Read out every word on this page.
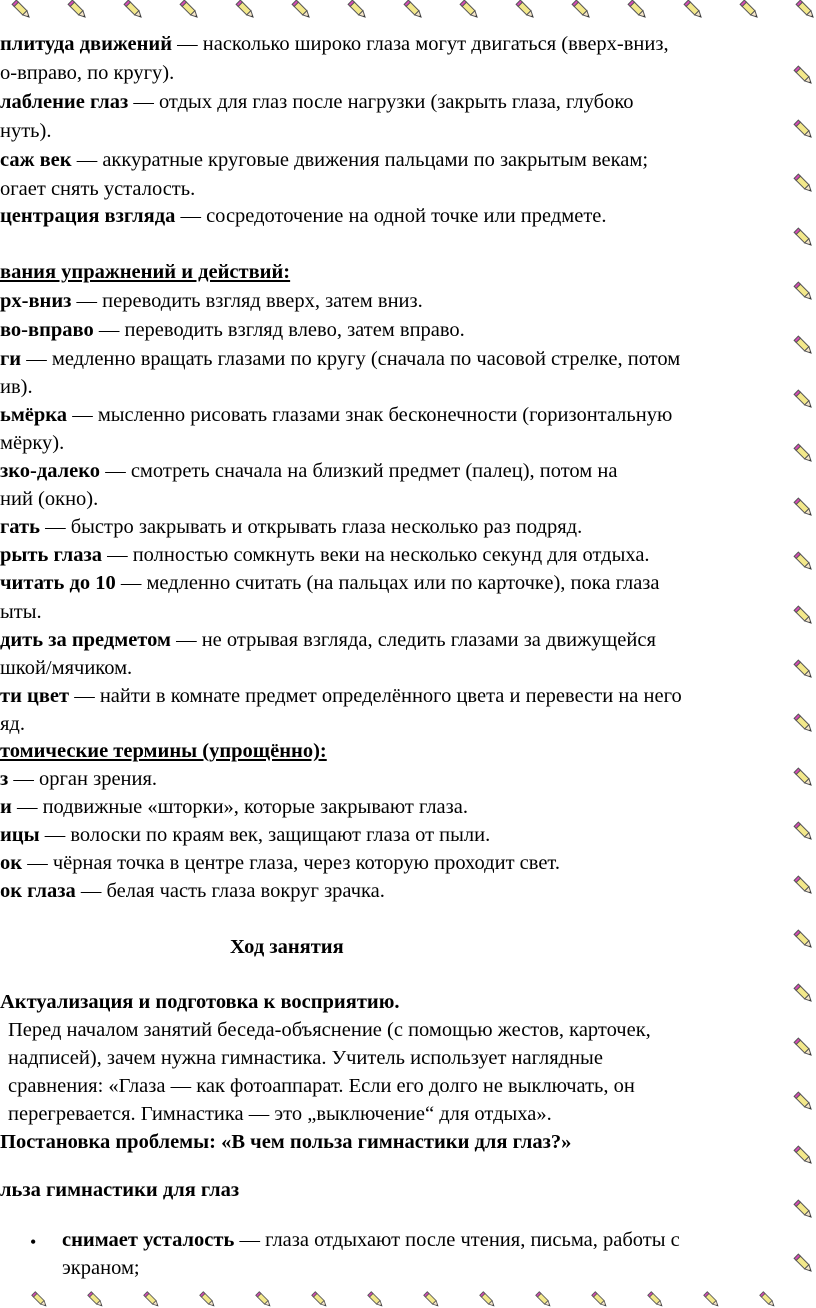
плитуда движений — насколько широко глаза могут двигаться (вверх-вниз,
о-вправо, по кругу).
лабление глаз — отдых для глаз после нагрузки (закрыть глаза, глубоко
нуть).
саж век — аккуратные круговые движения пальцами по закрытым векам;
огает снять усталость.
центрация взгляда — сосредоточение на одной точке или предмете.
вания упражнений и действий:
рх-вниз — переводить взгляд вверх, затем вниз.
во-вправо — переводить взгляд влево, затем вправо.
ги — медленно вращать глазами по кругу (сначала по часовой стрелке, потом
ив).
ьмёрка — мысленно рисовать глазами знак бесконечности (горизонтальную
мёрку).
зко-далеко — смотреть сначала на близкий предмет (палец), потом на
ний (окно).
гать — быстро закрывать и открывать глаза несколько раз подряд.
рыть глаза — полностью сомкнуть веки на несколько секунд для отдыха.
читать до 10 — медленно считать (на пальцах или по карточке), пока глаза
ыты.
дить за предметом — не отрывая взгляда, следить глазами за движущейся
шкой/мячиком.
ти цвет — найти в комнате предмет определённого цвета и перевести на него
яд.
томические термины (упрощённо):
з — орган зрения.
и — подвижные «шторки», которые закрывают глаза.
ицы — волоски по краям век, защищают глаза от пыли.
ок — чёрная точка в центре глаза, через которую проходит свет.
ок глаза — белая часть глаза вокруг зрачка.
Ход занятия
Актуализация и подготовка к восприятию.
Перед началом занятий беседа-объяснение (с помощью жестов, карточек,
надписей), зачем нужна гимнастика. Учитель использует наглядные
сравнения: «Глаза — как фотоаппарат. Если его долго не выключать, он
перегревается. Гимнастика — это „выключение“ для отдыха».
Постановка проблемы: «В чем польза гимнастики для глаз?»
льза гимнастики для глаз
• снимает усталость — глаза отдыхают после чтения, письма, работы с
экраном;
